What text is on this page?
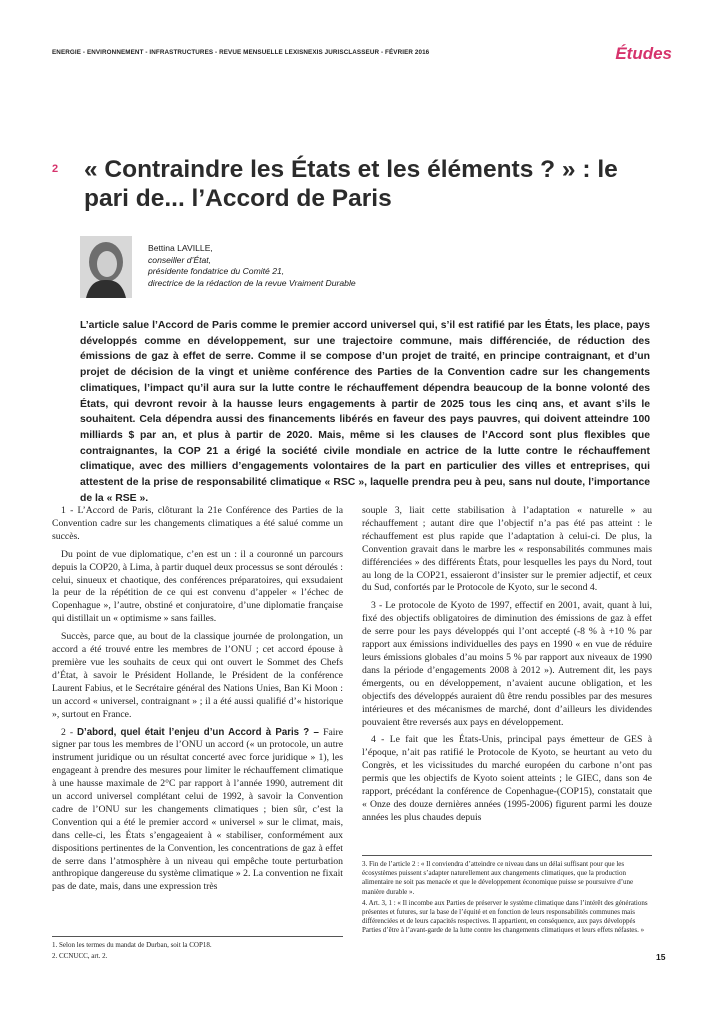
ENERGIE - ENVIRONNEMENT - INFRASTRUCTURES - REVUE MENSUELLE LEXISNEXIS JURISCLASSEUR - FÉVRIER 2016	Études
2 « Contraindre les États et les éléments ? » : le pari de... l’Accord de Paris
Bettina LAVILLE,
conseiller d’État,
présidente fondatrice du Comité 21,
directrice de la rédaction de la revue Vraiment Durable
L’article salue l’Accord de Paris comme le premier accord universel qui, s’il est ratifié par les États, les place, pays développés comme en développement, sur une trajectoire commune, mais différenciée, de réduction des émissions de gaz à effet de serre. Comme il se compose d’un projet de traité, en principe contraignant, et d’un projet de décision de la vingt et unième conférence des Parties de la Convention cadre sur les changements climatiques, l’impact qu’il aura sur la lutte contre le réchauffement dépendra beaucoup de la bonne volonté des États, qui devront revoir à la hausse leurs engagements à partir de 2025 tous les cinq ans, et avant s’ils le souhaitent. Cela dépendra aussi des financements libérés en faveur des pays pauvres, qui doivent atteindre 100 milliards $ par an, et plus à partir de 2020. Mais, même si les clauses de l’Accord sont plus flexibles que contraignantes, la COP 21 a érigé la société civile mondiale en actrice de la lutte contre le réchauffement climatique, avec des milliers d’engagements volontaires de la part en particulier des villes et entreprises, qui attestent de la prise de responsabilité climatique « RSC », laquelle prendra peu à peu, sans nul doute, l’importance de la « RSE ».

1 - L’Accord de Paris, clôturant la 21e Conférence des Parties de la Convention cadre sur les changements climatiques a été salué comme un succès.

Du point de vue diplomatique, c’en est un : il a couronné un parcours depuis la COP20, à Lima, à partir duquel deux processus se sont déroulés : celui, sinueux et chaotique, des conférences préparatoires, qui exsudaient la peur de la répétition de ce qui est convenu d’appeler « l’échec de Copenhague », l’autre, obstiné et conjuratoire, d’une diplomatie française qui distillait un « optimisme » sans failles.

Succès, parce que, au bout de la classique journée de prolongation, un accord a été trouvé entre les membres de l’ONU ; cet accord épouse à première vue les souhaits de ceux qui ont ouvert le Sommet des Chefs d’État, à savoir le Président Hollande, le Président de la conférence Laurent Fabius, et le Secrétaire général des Nations Unies, Ban Ki Moon : un accord « universel, contraignant » ; il a été aussi qualifié d’« historique », surtout en France.

2 - D’abord, quel était l’enjeu d’un Accord à Paris ? – Faire signer par tous les membres de l’ONU un accord (« un protocole, un autre instrument juridique ou un résultat concerté avec force juridique » 1), les engageant à prendre des mesures pour limiter le réchauffement climatique à une hausse maximale de 2°C par rapport à l’année 1990, autrement dit un accord universel complétant celui de 1992, à savoir la Convention cadre de l’ONU sur les changements climatiques ; bien sûr, c’est la Convention qui a été le premier accord « universel » sur le climat, mais, dans celle-ci, les États s’engageaient à « stabiliser, conformément aux dispositions pertinentes de la Convention, les concentrations de gaz à effet de serre dans l’atmosphère à un niveau qui empêche toute perturbation anthropique dangereuse du système climatique » 2. La convention ne fixait pas de date, mais, dans une expression très

souple 3, liait cette stabilisation à l’adaptation « naturelle » au réchauffement ; autant dire que l’objectif n’a pas été pas atteint : le réchauffement est plus rapide que l’adaptation à celui-ci. De plus, la Convention gravait dans le marbre les « responsabilités communes mais différenciées » des différents États, pour lesquelles les pays du Nord, tout au long de la COP21, essaieront d’insister sur le premier adjectif, et ceux du Sud, confortés par le Protocole de Kyoto, sur le second 4.

3 - Le protocole de Kyoto de 1997, effectif en 2001, avait, quant à lui, fixé des objectifs obligatoires de diminution des émissions de gaz à effet de serre pour les pays développés qui l’ont accepté (-8 % à +10 % par rapport aux émissions individuelles des pays en 1990 « en vue de réduire leurs émissions globales d’au moins 5 % par rapport aux niveaux de 1990 dans la période d’engagements 2008 à 2012 »). Autrement dit, les pays émergents, ou en développement, n’avaient aucune obligation, et les objectifs des développés auraient dû être rendu possibles par des mesures intérieures et des mécanismes de marché, dont d’ailleurs les dividendes pouvaient être reversés aux pays en développement.

4 - Le fait que les États-Unis, principal pays émetteur de GES à l’époque, n’ait pas ratifié le Protocole de Kyoto, se heurtant au veto du Congrès, et les vicissitudes du marché européen du carbone n’ont pas permis que les objectifs de Kyoto soient atteints ; le GIEC, dans son 4e rapport, précédant la conférence de Copenhague-(COP15), constatait que « Onze des douze dernières années (1995-2006) figurent parmi les douze années les plus chaudes depuis

1. Selon les termes du mandat de Durban, soit la COP18.
2. CCNUCC, art. 2.
3. Fin de l’article 2 : « Il conviendra d’atteindre ce niveau dans un délai suffisant pour que les écosystèmes puissent s’adapter naturellement aux changements climatiques, que la production alimentaire ne soit pas menacée et que le développement économique puisse se poursuivre d’une manière durable ».
4. Art. 3, 1 : « Il incombe aux Parties de préserver le système climatique dans l’intérêt des générations présentes et futures, sur la base de l’équité et en fonction de leurs responsabilités communes mais différenciées et de leurs capacités respectives. Il appartient, en conséquence, aux pays développés Parties d’être à l’avant-garde de la lutte contre les changements climatiques et leurs effets néfastes. »
15
